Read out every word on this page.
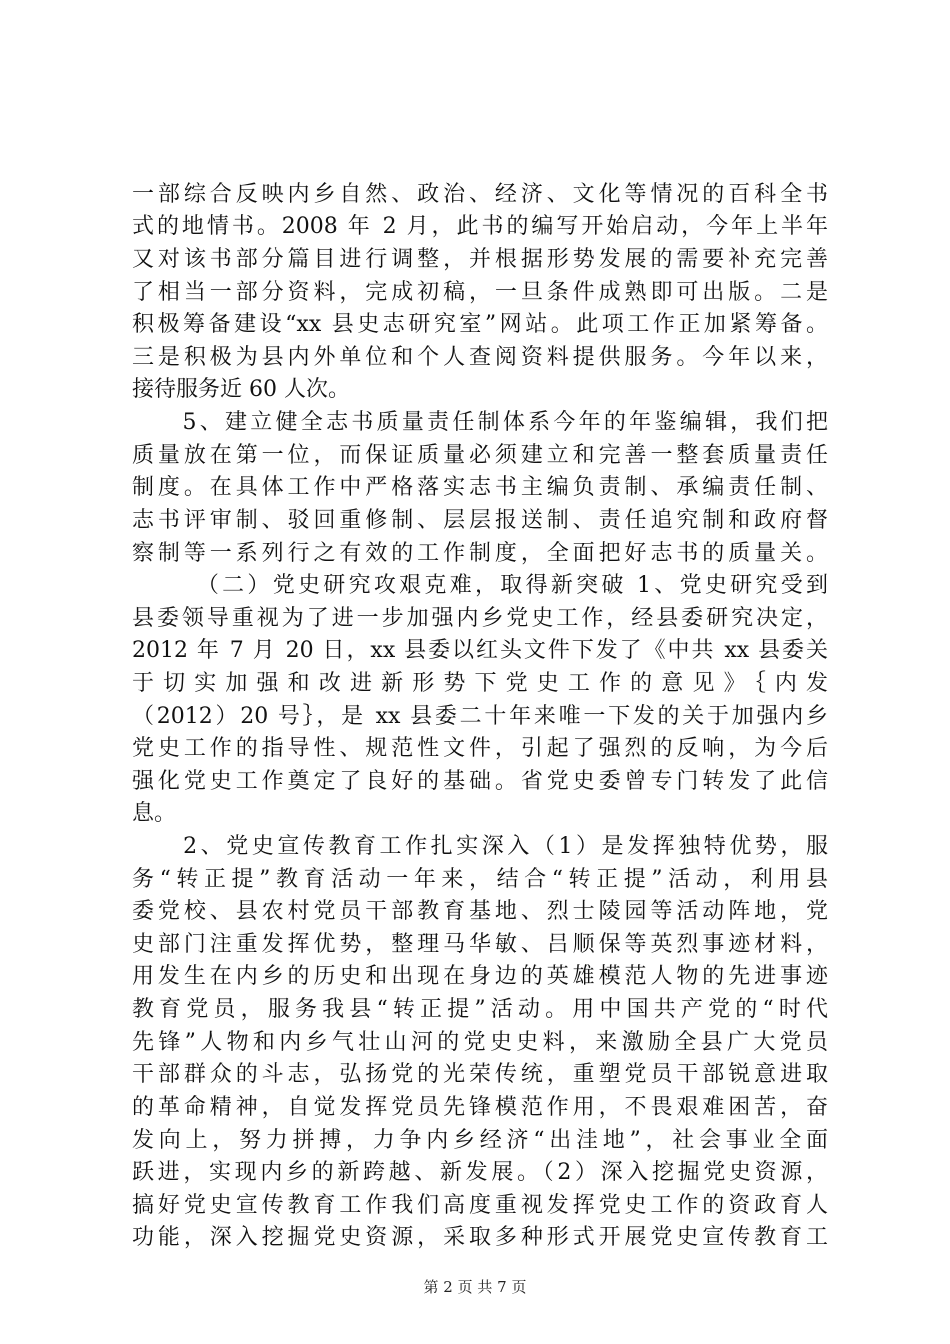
一部综合反映内乡自然、政治、经济、文化等情况的百科全书
式的地情书。2008 年 2 月，此书的编写开始启动，今年上半年
又对该书部分篇目进行调整，并根据形势发展的需要补充完善
了相当一部分资料，完成初稿，一旦条件成熟即可出版。二是
积极筹备建设“xx 县史志研究室”网站。此项工作正加紧筹备。
三是积极为县内外单位和个人查阅资料提供服务。今年以来，
接待服务近 60 人次。
　　5、建立健全志书质量责任制体系今年的年鉴编辑，我们把
质量放在第一位，而保证质量必须建立和完善一整套质量责任
制度。在具体工作中严格落实志书主编负责制、承编责任制、
志书评审制、驳回重修制、层层报送制、责任追究制和政府督
察制等一系列行之有效的工作制度，全面把好志书的质量关。
　　　（二）党史研究攻艰克难，取得新突破 1、党史研究受到
县委领导重视为了进一步加强内乡党史工作，经县委研究决定，
2012 年 7 月 20 日，xx 县委以红头文件下发了《中共 xx 县委关
于切实加强和改进新形势下党史工作的意见》｛内发
（2012）20 号｝，是 xx 县委二十年来唯一下发的关于加强内乡
党史工作的指导性、规范性文件，引起了强烈的反响，为今后
强化党史工作奠定了良好的基础。省党史委曾专门转发了此信
息。
　　2、党史宣传教育工作扎实深入（1）是发挥独特优势，服
务“转正提”教育活动一年来，结合“转正提”活动，利用县
委党校、县农村党员干部教育基地、烈士陵园等活动阵地，党
史部门注重发挥优势，整理马华敏、吕顺保等英烈事迹材料，
用发生在内乡的历史和出现在身边的英雄模范人物的先进事迹
教育党员，服务我县“转正提”活动。用中国共产党的“时代
先锋”人物和内乡气壮山河的党史史料，来激励全县广大党员
干部群众的斗志，弘扬党的光荣传统，重塑党员干部锐意进取
的革命精神，自觉发挥党员先锋模范作用，不畏艰难困苦，奋
发向上，努力拼搏，力争内乡经济“出洼地”，社会事业全面
跃进，实现内乡的新跨越、新发展。（2）深入挖掘党史资源，
搞好党史宣传教育工作我们高度重视发挥党史工作的资政育人
功能，深入挖掘党史资源，采取多种形式开展党史宣传教育工
第 2 页 共 7 页
